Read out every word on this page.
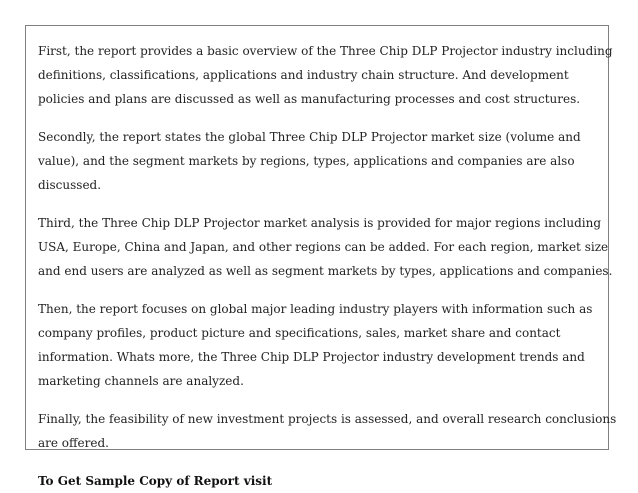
First, the report provides a basic overview of the Three Chip DLP Projector industry including
definitions, classifications, applications and industry chain structure. And development
policies and plans are discussed as well as manufacturing processes and cost structures.

Secondly, the report states the global Three Chip DLP Projector market size (volume and
value), and the segment markets by regions, types, applications and companies are also
discussed.

Third, the Three Chip DLP Projector market analysis is provided for major regions including
USA, Europe, China and Japan, and other regions can be added. For each region, market size
and end users are analyzed as well as segment markets by types, applications and companies.

Then, the report focuses on global major leading industry players with information such as
company profiles, product picture and specifications, sales, market share and contact
information. Whats more, the Three Chip DLP Projector industry development trends and
marketing channels are analyzed.

Finally, the feasibility of new investment projects is assessed, and overall research conclusions
are offered.

To Get Sample Copy of Report visit
